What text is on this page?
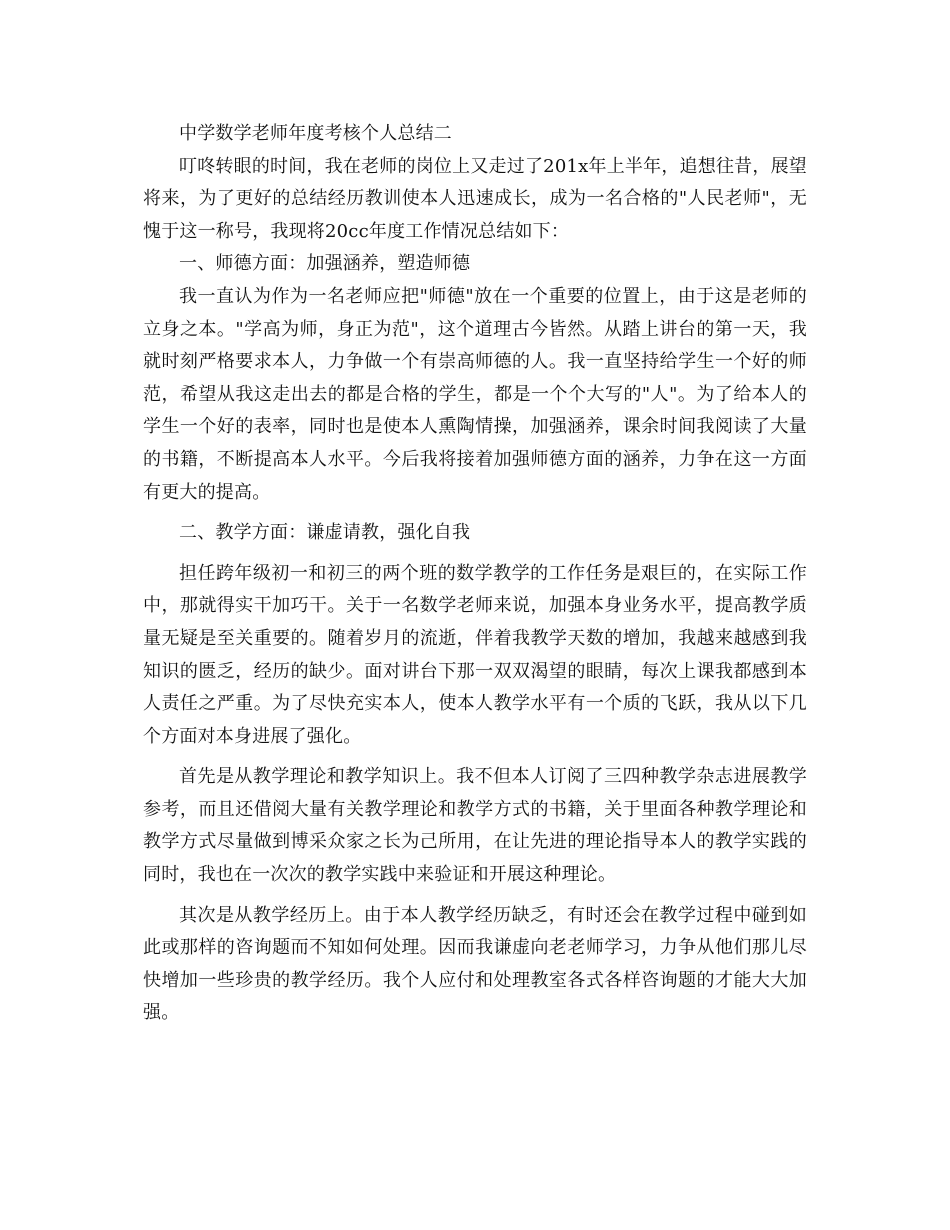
中学数学老师年度考核个人总结二

叮咚转眼的时间，我在老师的岗位上又走过了201x年上半年，追想往昔，展望将来，为了更好的总结经历教训使本人迅速成长，成为一名合格的"人民老师"，无愧于这一称号，我现将20cc年度工作情况总结如下：

一、师德方面：加强涵养，塑造师德

我一直认为作为一名老师应把"师德"放在一个重要的位置上，由于这是老师的立身之本。"学高为师，身正为范"，这个道理古今皆然。从踏上讲台的第一天，我就时刻严格要求本人，力争做一个有崇高师德的人。我一直坚持给学生一个好的师范，希望从我这走出去的都是合格的学生，都是一个个大写的"人"。为了给本人的学生一个好的表率，同时也是使本人熏陶情操，加强涵养，课余时间我阅读了大量的书籍，不断提高本人水平。今后我将接着加强师德方面的涵养，力争在这一方面有更大的提高。

二、教学方面：谦虚请教，强化自我

担任跨年级初一和初三的两个班的数学教学的工作任务是艰巨的，在实际工作中，那就得实干加巧干。关于一名数学老师来说，加强本身业务水平，提高教学质量无疑是至关重要的。随着岁月的流逝，伴着我教学天数的增加，我越来越感到我知识的匮乏，经历的缺少。面对讲台下那一双双渴望的眼睛，每次上课我都感到本人责任之严重。为了尽快充实本人，使本人教学水平有一个质的飞跃，我从以下几个方面对本身进展了强化。

首先是从教学理论和教学知识上。我不但本人订阅了三四种教学杂志进展教学参考，而且还借阅大量有关教学理论和教学方式的书籍，关于里面各种教学理论和教学方式尽量做到博采众家之长为己所用，在让先进的理论指导本人的教学实践的同时，我也在一次次的教学实践中来验证和开展这种理论。

其次是从教学经历上。由于本人教学经历缺乏，有时还会在教学过程中碰到如此或那样的咨询题而不知如何处理。因而我谦虚向老老师学习，力争从他们那儿尽快增加一些珍贵的教学经历。我个人应付和处理教室各式各样咨询题的才能大大加强。
